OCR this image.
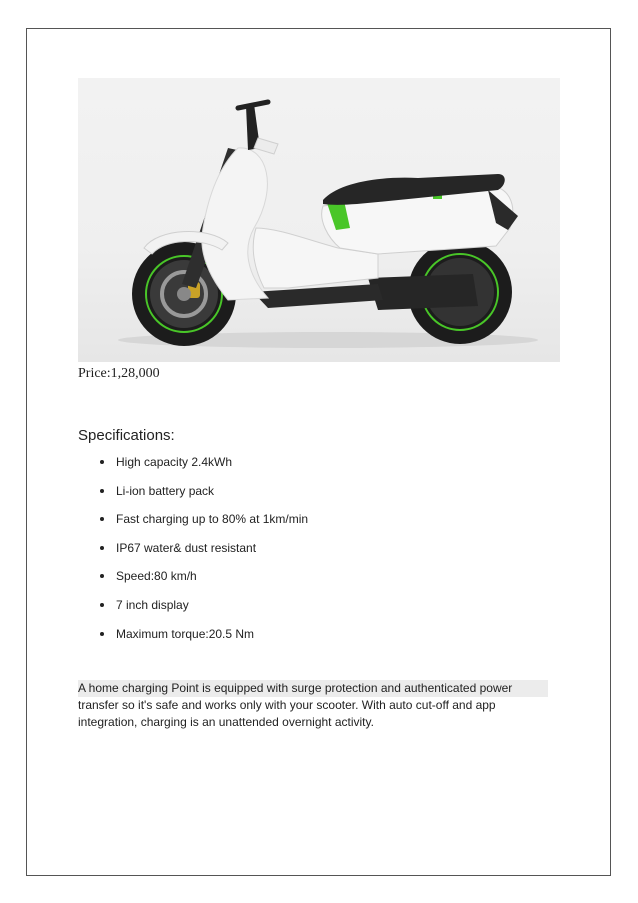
Price:1,28,000
Specifications:
High capacity 2.4kWh
Li-ion battery pack
Fast charging up to 80% at 1km/min
IP67 water& dust resistant
Speed:80 km/h
7 inch display
Maximum torque:20.5 Nm
A home charging Point is equipped with surge protection and authenticated power
transfer so it's safe and works only with your scooter. With auto cut-off and app
integration, charging is an unattended overnight activity.
